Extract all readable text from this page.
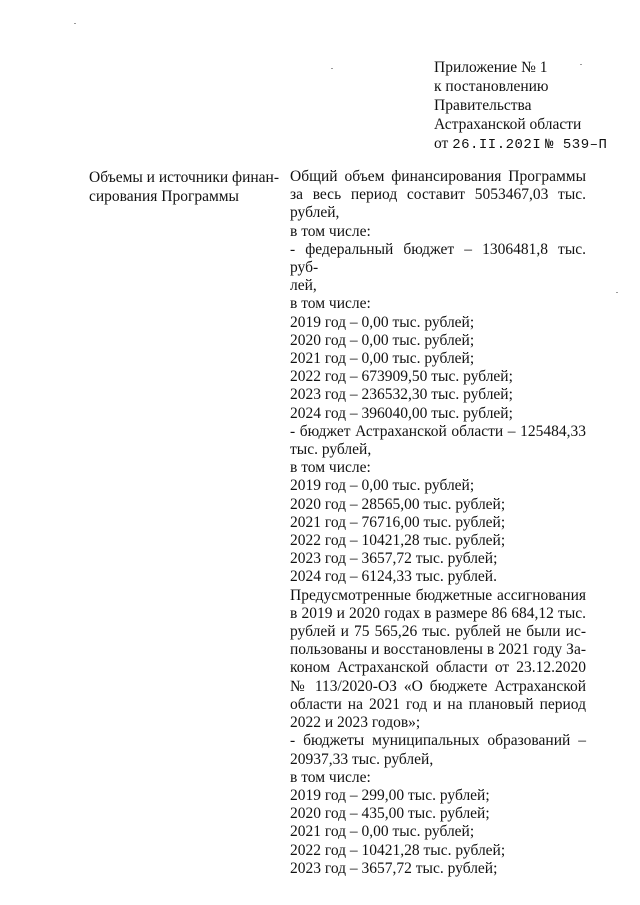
Приложение № 1
к постановлению
Правительства
Астраханской области
от 26.II.202I № 539–П
Объемы и источники финан-
сирования Программы
Общий объем финансирования Программы
за весь период составит 5053467,03 тыс.
рублей,
в том числе:
- федеральный бюджет – 1306481,8 тыс. руб-
лей,
в том числе:
2019 год – 0,00 тыс. рублей;
2020 год – 0,00 тыс. рублей;
2021 год – 0,00 тыс. рублей;
2022 год – 673909,50 тыс. рублей;
2023 год – 236532,30 тыс. рублей;
2024 год – 396040,00 тыс. рублей;
- бюджет Астраханской области – 125484,33
тыс. рублей,
в том числе:
2019 год – 0,00 тыс. рублей;
2020 год – 28565,00 тыс. рублей;
2021 год – 76716,00 тыс. рублей;
2022 год – 10421,28 тыс. рублей;
2023 год – 3657,72 тыс. рублей;
2024 год – 6124,33 тыс. рублей.
Предусмотренные бюджетные ассигнования
в 2019 и 2020 годах в размере 86 684,12 тыс.
рублей и 75 565,26 тыс. рублей не были ис-
пользованы и восстановлены в 2021 году За-
коном Астраханской области от 23.12.2020
№ 113/2020-ОЗ «О бюджете Астраханской
области на 2021 год и на плановый период
2022 и 2023 годов»;
- бюджеты муниципальных образований –
20937,33 тыс. рублей,
в том числе:
2019 год – 299,00 тыс. рублей;
2020 год – 435,00 тыс. рублей;
2021 год – 0,00 тыс. рублей;
2022 год – 10421,28 тыс. рублей;
2023 год – 3657,72 тыс. рублей;
